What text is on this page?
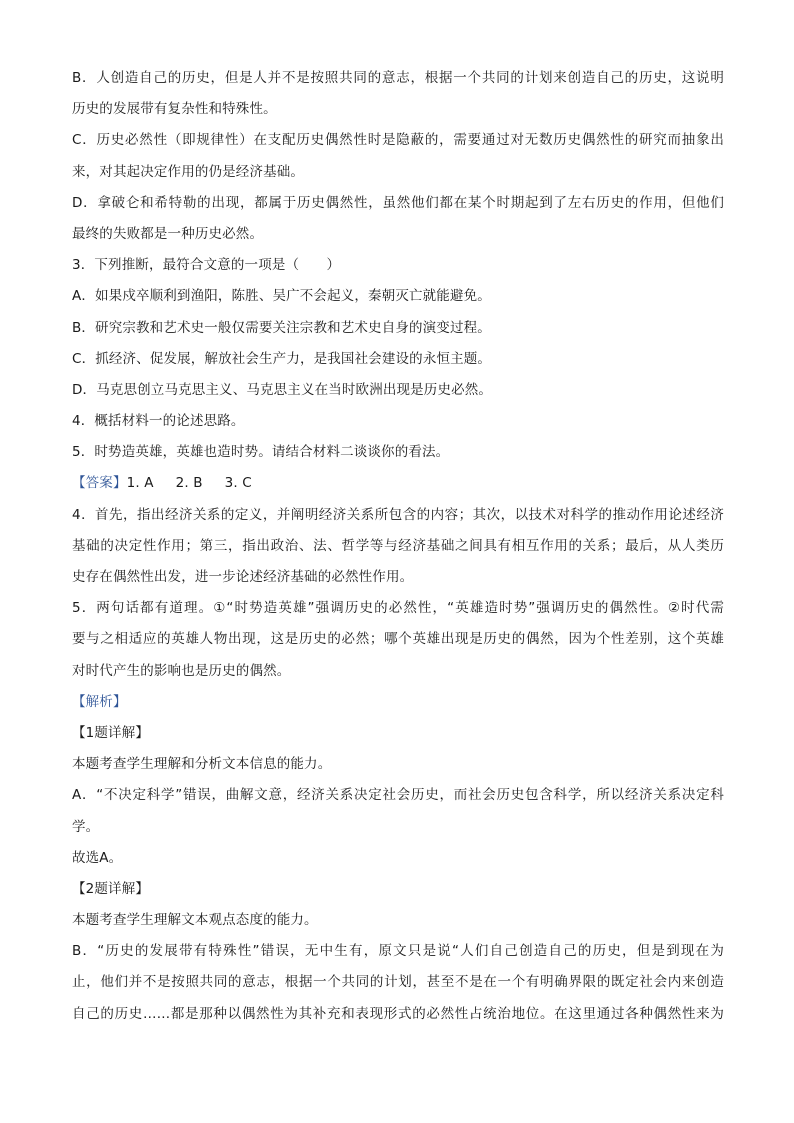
B．人创造自己的历史，但是人并不是按照共同的意志，根据一个共同的计划来创造自己的历史，这说明
历史的发展带有复杂性和特殊性。
C．历史必然性（即规律性）在支配历史偶然性时是隐蔽的，需要通过对无数历史偶然性的研究而抽象出
来，对其起决定作用的仍是经济基础。
D．拿破仑和希特勒的出现，都属于历史偶然性，虽然他们都在某个时期起到了左右历史的作用，但他们
最终的失败都是一种历史必然。
3．下列推断，最符合文意的一项是（　　）
A．如果戍卒顺利到渔阳，陈胜、吴广不会起义，秦朝灭亡就能避免。
B．研究宗教和艺术史一般仅需要关注宗教和艺术史自身的演变过程。
C．抓经济、促发展，解放社会生产力，是我国社会建设的永恒主题。
D．马克思创立马克思主义、马克思主义在当时欧洲出现是历史必然。
4．概括材料一的论述思路。
5．时势造英雄，英雄也造时势。请结合材料二谈谈你的看法。
【答案】1. A 2. B 3. C
4．首先，指出经济关系的定义，并阐明经济关系所包含的内容；其次，以技术对科学的推动作用论述经济
基础的决定性作用；第三，指出政治、法、哲学等与经济基础之间具有相互作用的关系；最后，从人类历
史存在偶然性出发，进一步论述经济基础的必然性作用。
5．两句话都有道理。①“时势造英雄”强调历史的必然性，“英雄造时势”强调历史的偶然性。②时代需
要与之相适应的英雄人物出现，这是历史的必然；哪个英雄出现是历史的偶然，因为个性差别，这个英雄
对时代产生的影响也是历史的偶然。
【解析】
【1题详解】
本题考查学生理解和分析文本信息的能力。
A．“不决定科学”错误，曲解文意，经济关系决定社会历史，而社会历史包含科学，所以经济关系决定科
学。
故选A。
【2题详解】
本题考查学生理解文本观点态度的能力。
B．“历史的发展带有特殊性”错误，无中生有，原文只是说“人们自己创造自己的历史，但是到现在为
止，他们并不是按照共同的意志，根据一个共同的计划，甚至不是在一个有明确界限的既定社会内来创造
自己的历史……都是那种以偶然性为其补充和表现形式的必然性占统治地位。在这里通过各种偶然性来为
